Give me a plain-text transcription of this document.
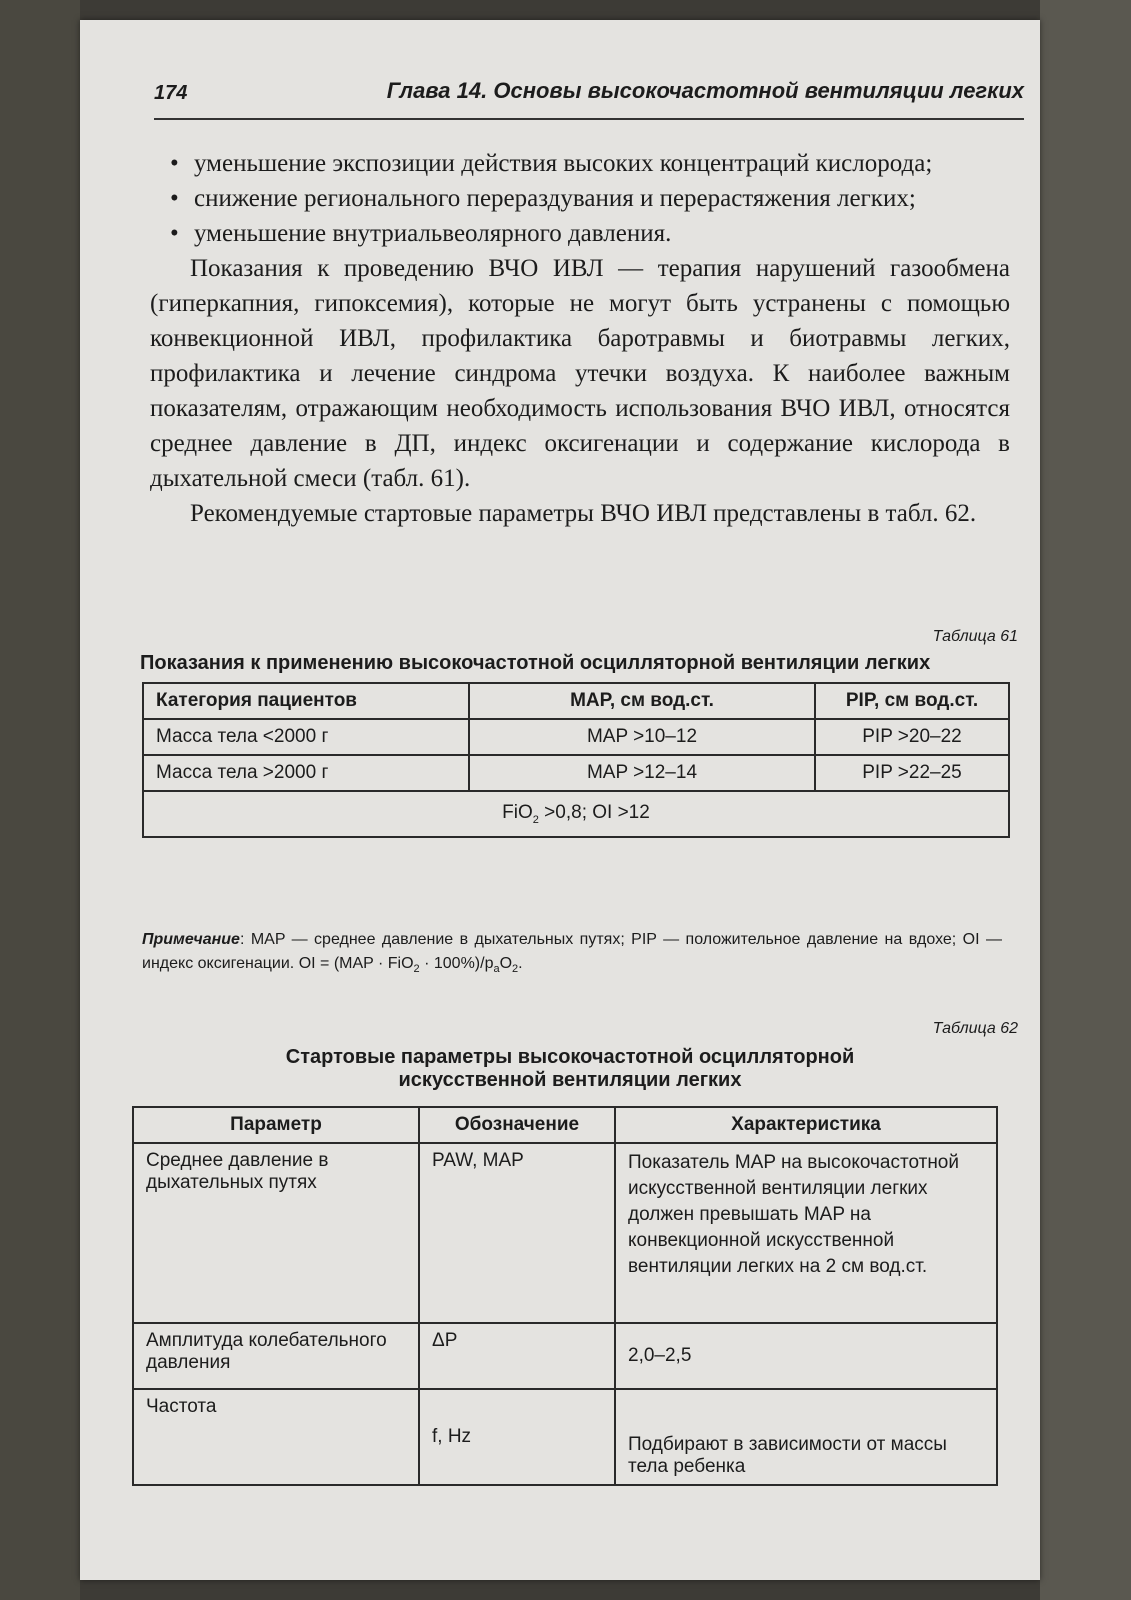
174	Глава 14. Основы высокочастотной вентиляции легких
• уменьшение экспозиции действия высоких концентраций кислорода;
• снижение регионального перераздувания и перерастяжения легких;
• уменьшение внутриальвеолярного давления.

Показания к проведению ВЧО ИВЛ — терапия нарушений газообмена (гиперкапния, гипоксемия), которые не могут быть устранены с помощью конвекционной ИВЛ, профилактика баротравмы и биотравмы легких, профилактика и лечение синдрома утечки воздуха. К наиболее важным показателям, отражающим необходимость использования ВЧО ИВЛ, относятся среднее давление в ДП, индекс оксигенации и содержание кислорода в дыхательной смеси (табл. 61).

Рекомендуемые стартовые параметры ВЧО ИВЛ представлены в табл. 62.

Таблица 61
Показания к применению высокочастотной осцилляторной вентиляции легких
Категория пациентов	MAP, см вод.ст.	PIP, см вод.ст.
Масса тела <2000 г	MAP >10–12	PIP >20–22
Масса тела >2000 г	MAP >12–14	PIP >22–25
FiO$_2$ >0,8; OI >12		
Примечание: MAP — среднее давление в дыхательных путях; PIP — положительное давление на вдохе; OI — индекс оксигенации. OI = $(MAP \cdot FiO_2 \cdot 100\%)/p_aO_2$.
Таблица 62
Стартовые параметры высокочастотной осцилляторной
искусственной вентиляции легких
Параметр	Обозначение	Характеристика
Среднее давление в дыхательных путях	PAW, MAP	Показатель MAP на высокочастотной искусственной вентиляции легких должен превышать MAP на конвекционной искусственной вентиляции легких на 2 см вод.ст.
Амплитуда колебательного давления	ΔP	2,0–2,5
Частота	f, Hz	Подбирают в зависимости от массы тела ребенка
